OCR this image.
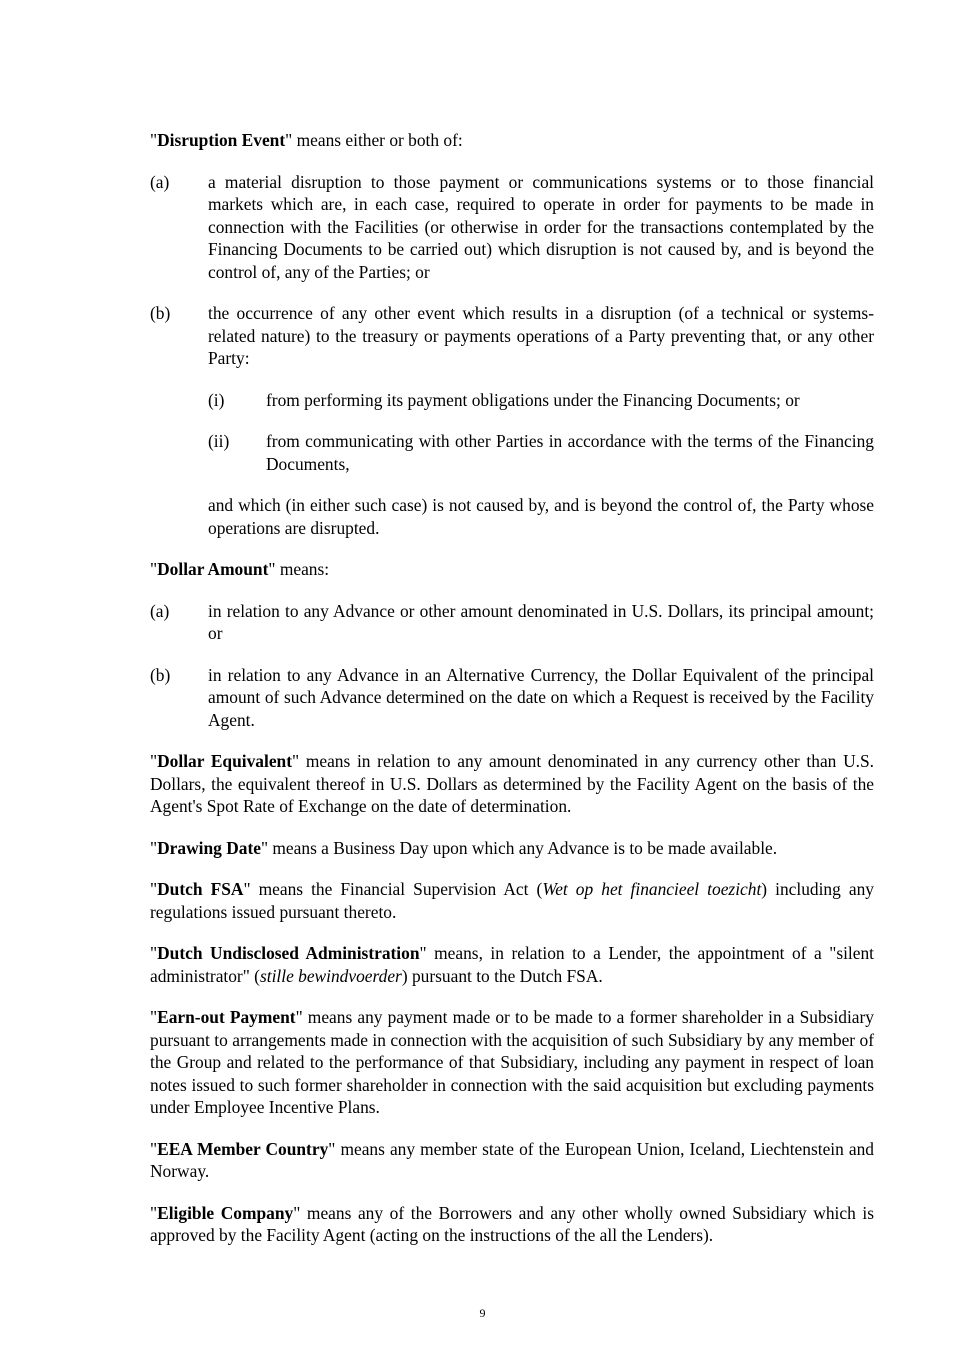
"Disruption Event" means either or both of:

(a) a material disruption to those payment or communications systems or to those financial markets which are, in each case, required to operate in order for payments to be made in connection with the Facilities (or otherwise in order for the transactions contemplated by the Financing Documents to be carried out) which disruption is not caused by, and is beyond the control of, any of the Parties; or
(b) the occurrence of any other event which results in a disruption (of a technical or systems-related nature) to the treasury or payments operations of a Party preventing that, or any other Party:
(i) from performing its payment obligations under the Financing Documents; or
(ii) from communicating with other Parties in accordance with the terms of the Financing Documents,

and which (in either such case) is not caused by, and is beyond the control of, the Party whose operations are disrupted.

"Dollar Amount" means:

(a) in relation to any Advance or other amount denominated in U.S. Dollars, its principal amount; or
(b) in relation to any Advance in an Alternative Currency, the Dollar Equivalent of the principal amount of such Advance determined on the date on which a Request is received by the Facility Agent.

"Dollar Equivalent" means in relation to any amount denominated in any currency other than U.S. Dollars, the equivalent thereof in U.S. Dollars as determined by the Facility Agent on the basis of the Agent's Spot Rate of Exchange on the date of determination.

"Drawing Date" means a Business Day upon which any Advance is to be made available.

"Dutch FSA" means the Financial Supervision Act (Wet op het financieel toezicht) including any regulations issued pursuant thereto.

"Dutch Undisclosed Administration" means, in relation to a Lender, the appointment of a "silent administrator" (stille bewindvoerder) pursuant to the Dutch FSA.

"Earn-out Payment" means any payment made or to be made to a former shareholder in a Subsidiary pursuant to arrangements made in connection with the acquisition of such Subsidiary by any member of the Group and related to the performance of that Subsidiary, including any payment in respect of loan notes issued to such former shareholder in connection with the said acquisition but excluding payments under Employee Incentive Plans.

"EEA Member Country" means any member state of the European Union, Iceland, Liechtenstein and Norway.

"Eligible Company" means any of the Borrowers and any other wholly owned Subsidiary which is approved by the Facility Agent (acting on the instructions of the all the Lenders).

9
